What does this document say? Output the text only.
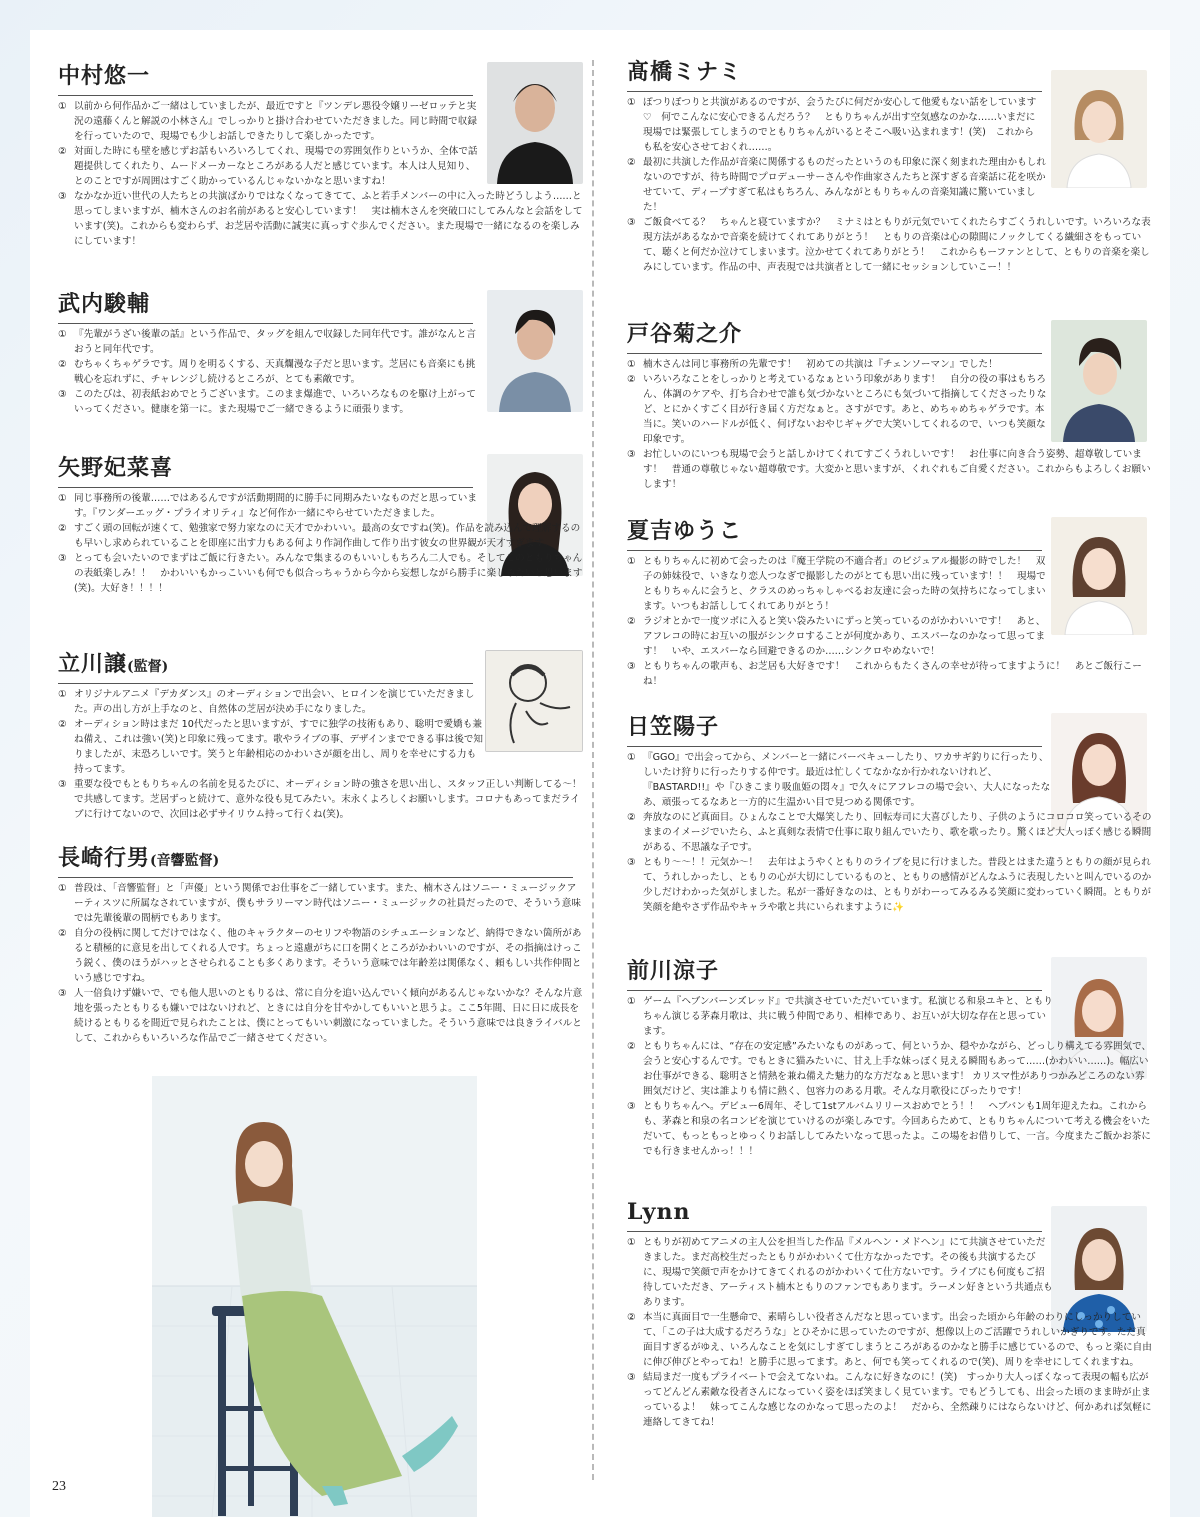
中村悠一
① 以前から何作品かご一緒はしていましたが、最近ですと『ツンデレ悪役令嬢リーゼロッテと実況の遠藤くんと解説の小林さん』でしっかりと掛け合わせていただきました。同じ時間で収録を行っていたので、現場でも少しお話しできたりして楽しかったです。
② 対面した時にも壁を感じずお話もいろいろしてくれ、現場での雰囲気作りというか、全体で話題提供してくれたり、ムードメーカーなところがある人だと感じています。本人は人見知り、とのことですが周囲はすごく助かっているんじゃないかなと思いますね！
③ なかなか近い世代の人たちとの共演ばかりではなくなってきてて、ふと若手メンバーの中に入った時どうしよう……と思ってしまいますが、楠木さんのお名前があると安心しています！　実は楠木さんを突破口にしてみんなと会話をしています(笑)。これからも変わらず、お芝居や活動に誠実に真っすぐ歩んでください。また現場で一緒になるのを楽しみにしています！
武内駿輔
① 『先輩がうざい後輩の話』という作品で、タッグを組んで収録した同年代です。誰がなんと言おうと同年代です。
② むちゃくちゃゲラです。周りを明るくする、天真爛漫な子だと思います。芝居にも音楽にも挑戦心を忘れずに、チャレンジし続けるところが、とても素敵です。
③ このたびは、初表紙おめでとうございます。このまま爆進で、いろいろなものを駆け上がっていってください。健康を第一に。また現場でご一緒できるように頑張ります。
矢野妃菜喜
① 同じ事務所の後輩……ではあるんですが活動期間的に勝手に同期みたいなものだと思っています。『ワンダーエッグ・プライオリティ』など何作か一緒にやらせていただきました。
② すごく頭の回転が速くて、勉強家で努力家なのに天才でかわいい。最高の女ですね(笑)。作品を読み込んで理解するのも早いし求められていることを即座に出す力もある何より作詞作曲して作り出す彼女の世界観が天才すぎます。
③ とっても会いたいのでまずはご飯に行きたい。みんなで集まるのもいいしもちろん二人でも。そしてこのともりちゃんの表紙楽しみ！！　かわいいもかっこいいも何でも似合っちゃうから今から妄想しながら勝手に楽しみたいと思います(笑)。大好き！！！！
立川譲(監督)
① オリジナルアニメ『デカダンス』のオーディションで出会い、ヒロインを演じていただきました。声の出し方が上手なのと、自然体の芝居が決め手になりました。
② オーディション時はまだ 10代だったと思いますが、すでに独学の技術もあり、聡明で愛嬌も兼ね備え、これは強い(笑)と印象に残ってます。歌やライブの事、デザインまでできる事は後で知りましたが、末恐ろしいです。笑うと年齢相応のかわいさが顔を出し、周りを幸せにする力も持ってます。
③ 重要な役でもともりちゃんの名前を見るたびに、オーディション時の強さを思い出し、スタッフ正しい判断してる〜！で共感してます。芝居ずっと続けて、意外な役も見てみたい。末永くよろしくお願いします。コロナもあってまだライブに行けてないので、次回は必ずサイリウム持って行くね(笑)。
長崎行男(音響監督)
① 普段は、「音響監督」と「声優」という関係でお仕事をご一緒しています。また、楠木さんはソニー・ミュージックアーティスツに所属なされていますが、僕もサラリーマン時代はソニー・ミュージックの社員だったので、そういう意味では先輩後輩の間柄でもあります。
② 自分の役柄に関してだけではなく、他のキャラクターのセリフや物語のシチュエーションなど、納得できない箇所があると積極的に意見を出してくれる人です。ちょっと遠慮がちに口を開くところがかわいいのですが、その指摘はけっこう鋭く、僕のほうがハッとさせられることも多くあります。そういう意味では年齢差は関係なく、頼もしい共作仲間という感じですね。
③ 人一倍負けず嫌いで、でも他人思いのともりるは、常に自分を追い込んでいく傾向があるんじゃないかな？そんな片意地を張ったともりるも嫌いではないけれど、ときには自分を甘やかしてもいいと思うよ。ここ5年間、日に日に成長を続けるともりるを間近で見られたことは、僕にとってもいい刺激になっていました。そういう意味では良きライバルとして、これからもいろいろな作品でご一緒させてください。
髙橋ミナミ
① ぽつりぽつりと共演があるのですが、会うたびに何だか安心して他愛もない話をしています♡　何でこんなに安心できるんだろう？　ともりちゃんが出す空気感なのかな……いまだに現場では緊張してしまうのでともりちゃんがいるとそこへ吸い込まれます！(笑)　これからも私を安心させておくれ……。
② 最初に共演した作品が音楽に関係するものだったというのも印象に深く刻まれた理由かもしれないのですが、待ち時間でプロデューサーさんや作曲家さんたちと深すぎる音楽話に花を咲かせていて、ディープすぎて私はもちろん、みんながともりちゃんの音楽知識に驚いていました！
③ ご飯食べてる？　ちゃんと寝ていますか？　ミナミはともりが元気でいてくれたらすごくうれしいです。いろいろな表現方法があるなかで音楽を続けてくれてありがとう！　ともりの音楽は心の隙間にノックしてくる繊細さをもっていて、聴くと何だか泣けてしまいます。泣かせてくれてありがとう！　これからもーファンとして、ともりの音楽を楽しみにしています。作品の中、声表現では共演者として一緒にセッションしていこー！！
戸谷菊之介
① 楠木さんは同じ事務所の先輩です！　初めての共演は『チェンソーマン』でした！
② いろいろなことをしっかりと考えているなぁという印象があります！　自分の役の事はもちろん、体調のケアや、打ち合わせで誰も気づかないところにも気づいて指摘してくださったりなど、とにかくすごく目が行き届く方だなぁと。さすがです。あと、めちゃめちゃゲラです。本当に。笑いのハードルが低く、何げないおやじギャグで大笑いしてくれるので、いつも笑顔な印象です。
③ お忙しいのにいつも現場で会うと話しかけてくれてすごくうれしいです！　お仕事に向き合う姿勢、超尊敬しています！　普通の尊敬じゃない超尊敬です。大変かと思いますが、くれぐれもご自愛ください。これからもよろしくお願いします！
夏吉ゆうこ
① ともりちゃんに初めて会ったのは『魔王学院の不適合者』のビジュアル撮影の時でした！　双子の姉妹役で、いきなり恋人つなぎで撮影したのがとても思い出に残っています！！　現場でともりちゃんに会うと、クラスのめっちゃしゃべるお友達に会った時の気持ちになってしまいます。いつもお話ししてくれてありがとう！
② ラジオとかで一度ツボに入ると笑い袋みたいにずっと笑っているのがかわいいです！　あと、アフレコの時にお互いの服がシンクロすることが何度かあり、エスパーなのかなって思ってます！　いや、エスパーなら回避できるのか……シンクロやめないで！
③ ともりちゃんの歌声も、お芝居も大好きです！　これからもたくさんの幸せが待ってますように！　あとご飯行こーね！
日笠陽子
① 『GGO』で出会ってから、メンバーと一緒にバーベキューしたり、ワカサギ釣りに行ったり、しいたけ狩りに行ったりする仲です。最近は忙しくてなかなか行かれないけれど、『BASTARD!!』や『ひきこまり吸血姫の悶々』で久々にアフレコの場で会い、大人になったなあ、頑張ってるなあと一方的に生温かい目で見つめる関係です。
② 奔放なのにど真面目。ひょんなことで大爆笑したり、回転寿司に大喜びしたり、子供のようにコロコロ笑っているそのままのイメージでいたら、ふと真剣な表情で仕事に取り組んでいたり、歌を歌ったり。驚くほど大人っぽく感じる瞬間がある、不思議な子です。
③ ともり〜〜！！元気か〜！　去年はようやくともりのライブを見に行けました。普段とはまた違うともりの顔が見られて、うれしかったし、ともりの心が大切にしているものと、ともりの感情がどんなふうに表現したいと叫んでいるのか少しだけわかった気がしました。私が一番好きなのは、ともりがわーってみるみる笑顔に変わっていく瞬間。ともりが笑顔を絶やさず作品やキャラや歌と共にいられますように✨
前川涼子
① ゲーム『ヘブンバーンズレッド』で共演させていただいています。私演じる和泉ユキと、ともりちゃん演じる茅森月歌は、共に戦う仲間であり、相棒であり、お互いが大切な存在と思っています。
② ともりちゃんには、“存在の安定感”みたいなものがあって、何というか、穏やかながら、どっしり構えてる雰囲気で、会うと安心するんです。でもときに猫みたいに、甘え上手な妹っぽく見える瞬間もあって……(かわいい……)。幅広いお仕事ができる、聡明さと情熱を兼ね備えた魅力的な方だなぁと思います！ カリスマ性がありつかみどころのない雰囲気だけど、実は誰よりも情に熱く、包容力のある月歌。そんな月歌役にぴったりです！
③ ともりちゃんへ。デビュー6周年、そして1stアルバムリリースおめでとう！！　ヘブバンも1周年迎えたね。これからも、茅森と和泉の名コンビを演じていけるのが楽しみです。今回あらためて、ともりちゃんについて考える機会をいただいて、もっともっとゆっくりお話ししてみたいなって思ったよ。この場をお借りして、一言。今度またご飯かお茶にでも行きませんかっ！！！
Lynn
① ともりが初めてアニメの主人公を担当した作品『メルヘン・メドヘン』にて共演させていただきました。まだ高校生だったともりがかわいくて仕方なかったです。その後も共演するたびに、現場で笑顔で声をかけてきてくれるのがかわいくて仕方ないです。ライブにも何度もご招待していただき、アーティスト楠木ともりのファンでもあります。ラーメン好きという共通点もあります。
② 本当に真面目で一生懸命で、素晴らしい役者さんだなと思っています。出会った頃から年齢のわりにしっかりしていて、「この子は大成するだろうな」とひそかに思っていたのですが、想像以上のご活躍でうれしいかぎりです。ただ真面目すぎるがゆえ、いろんなことを気にしすぎてしまうところがあるのかなと勝手に感じているので、もっと楽に自由に伸び伸びとやってね！と勝手に思ってます。あと、何でも笑ってくれるので(笑)、周りを幸せにしてくれますね。
③ 結局まだ一度もプライベートで会えてないね。こんなに好きなのに！(笑)　すっかり大人っぽくなって表現の幅も広がってどんどん素敵な役者さんになっていく姿をほぼ笑ましく見ています。でもどうしても、出会った頃のまま時が止まっているよ！　妹ってこんな感じなのかなって思ったのよ！　だから、全然疎りにはならないけど、何かあれば気軽に連絡してきてね！
23
